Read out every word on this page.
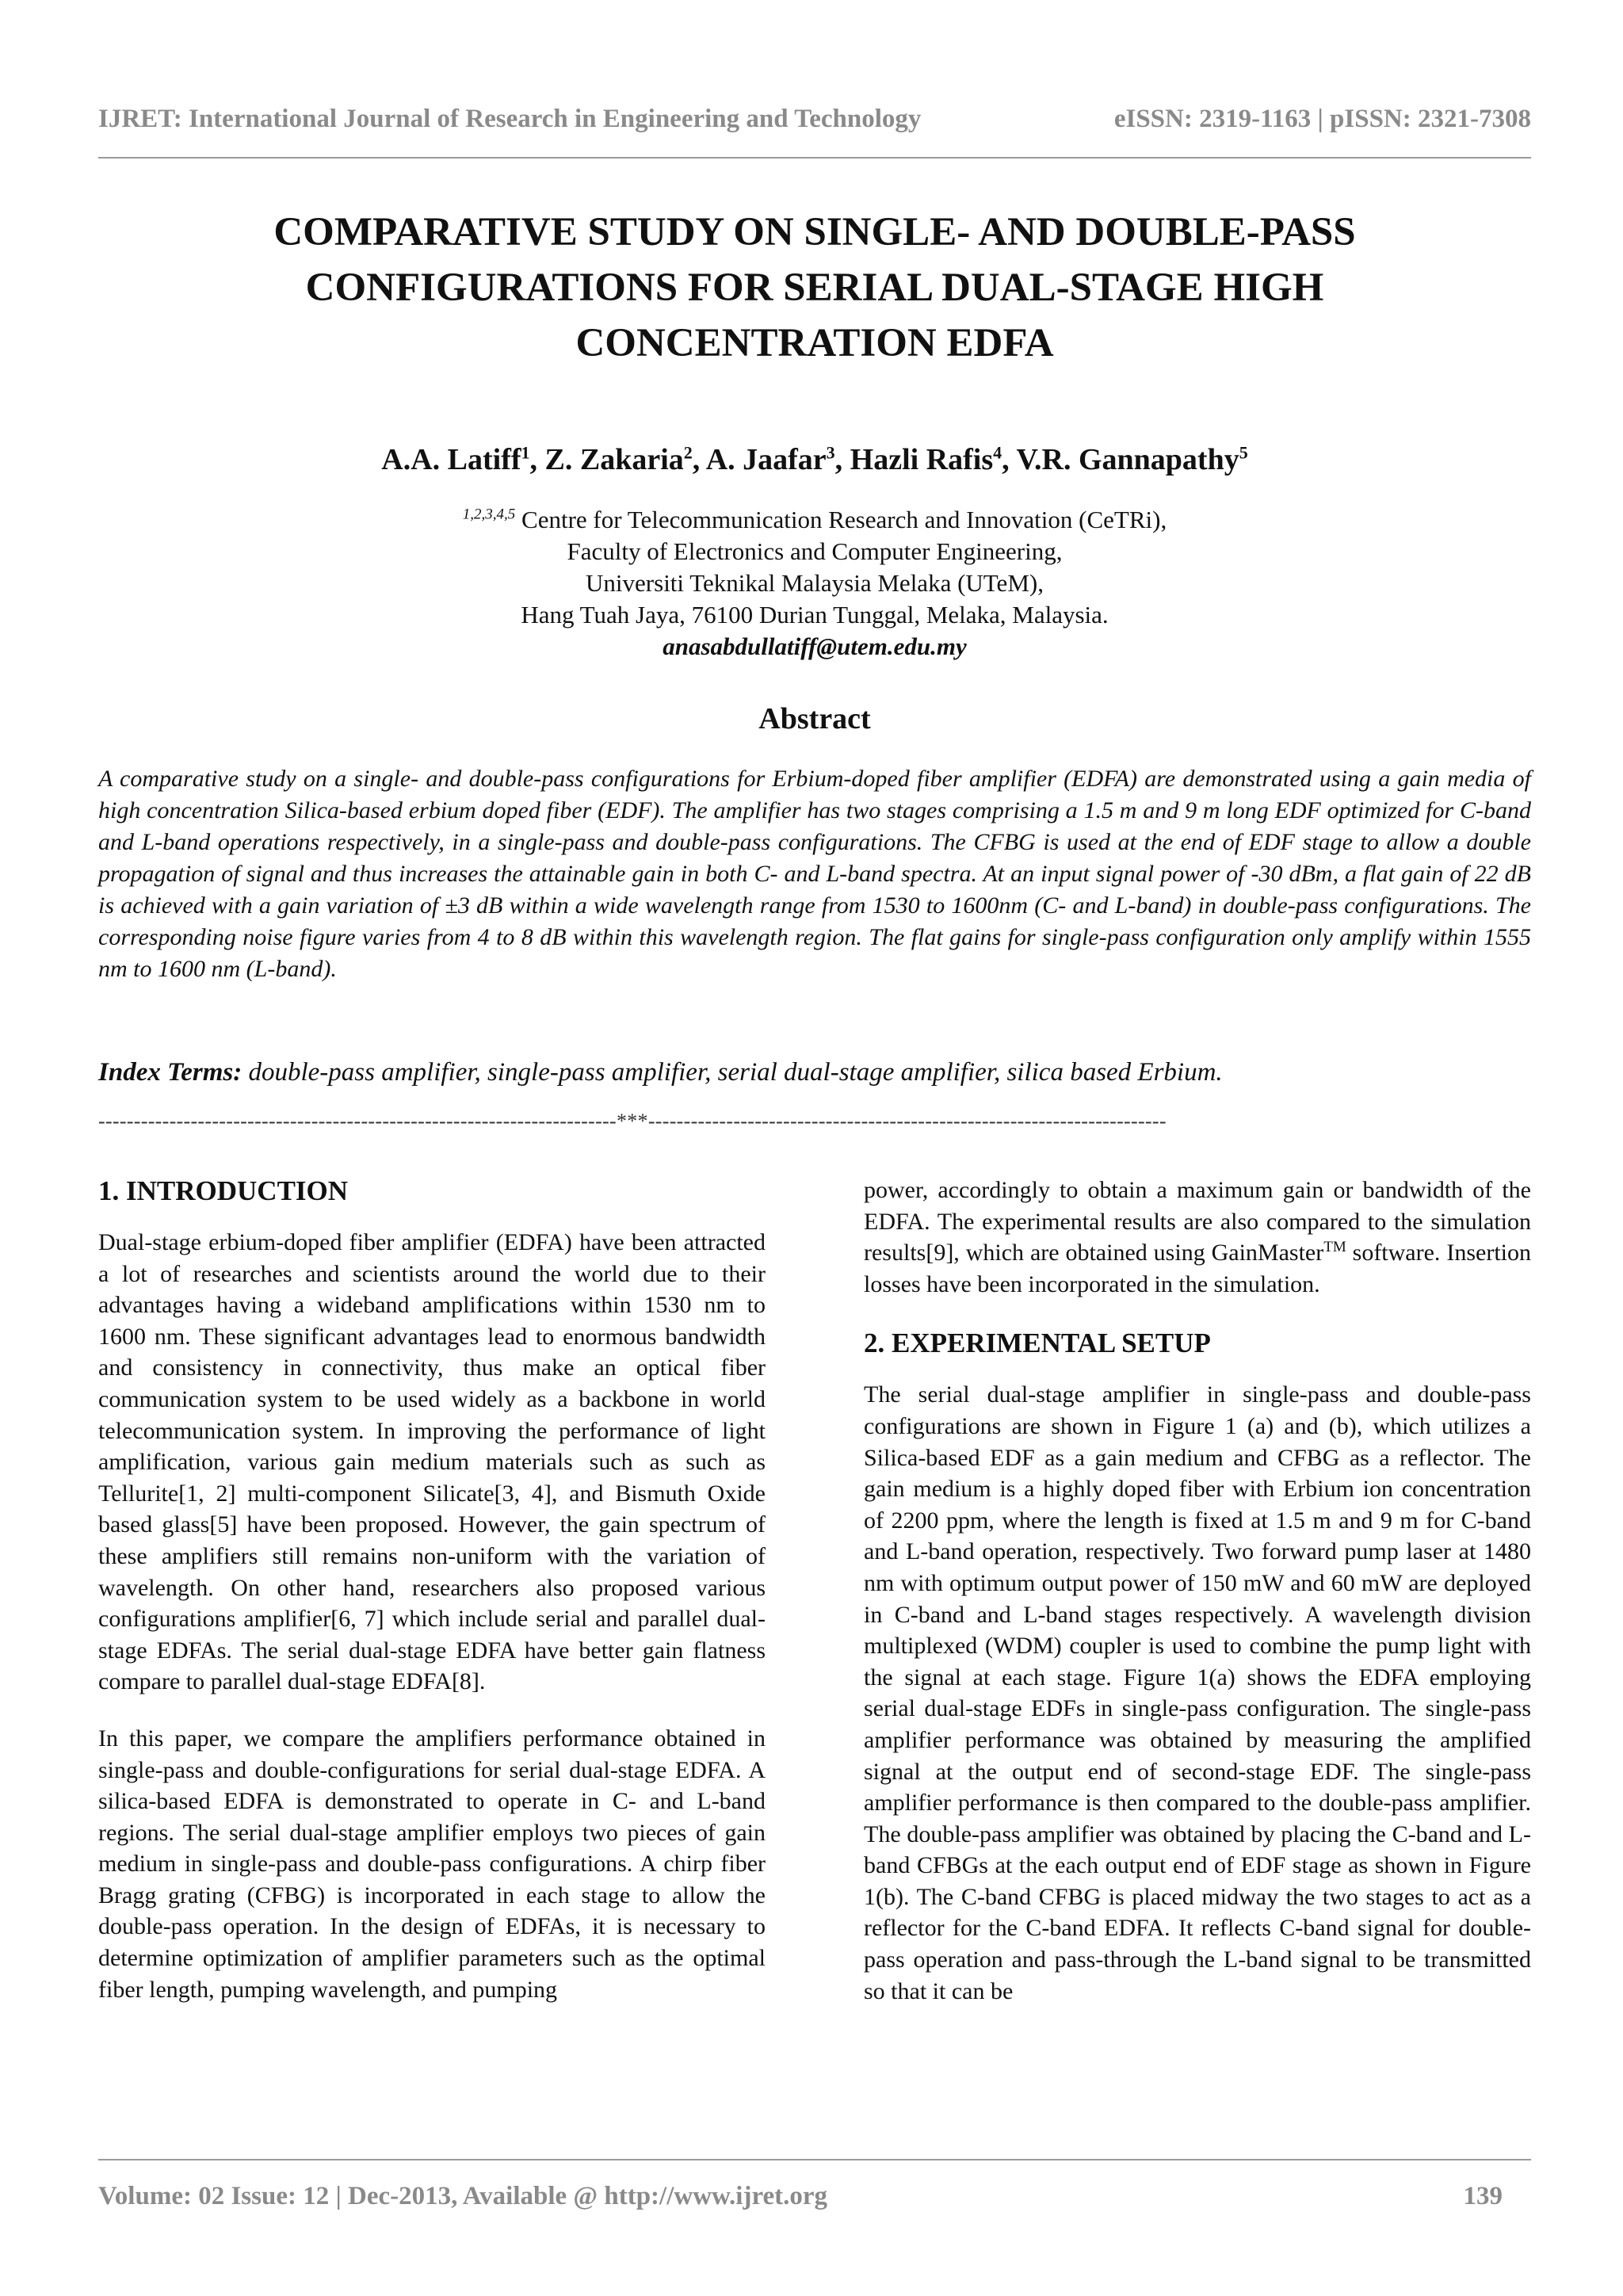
IJRET: International Journal of Research in Engineering and Technology	eISSN: 2319-1163 | pISSN: 2321-7308
COMPARATIVE STUDY ON SINGLE- AND DOUBLE-PASS
CONFIGURATIONS FOR SERIAL DUAL-STAGE HIGH
CONCENTRATION EDFA
A.A. Latiff$^1$, Z. Zakaria$^2$, A. Jaafar$^3$, Hazli Rafis$^4$, V.R. Gannapathy$^5$
$^{1,2,3,4,5}$ Centre for Telecommunication Research and Innovation (CeTRi),
Faculty of Electronics and Computer Engineering,
Universiti Teknikal Malaysia Melaka (UTeM),
Hang Tuah Jaya, 76100 Durian Tunggal, Melaka, Malaysia.
anasabdullatiff@utem.edu.my
Abstract
A comparative study on a single- and double-pass configurations for Erbium-doped fiber amplifier (EDFA) are demonstrated using a gain media of high concentration Silica-based erbium doped fiber (EDF). The amplifier has two stages comprising a 1.5 m and 9 m long EDF optimized for C-band and L-band operations respectively, in a single-pass and double-pass configurations. The CFBG is used at the end of EDF stage to allow a double propagation of signal and thus increases the attainable gain in both C- and L-band spectra. At an input signal power of -30 dBm, a flat gain of 22 dB is achieved with a gain variation of ±3 dB within a wide wavelength range from 1530 to 1600nm (C- and L-band) in double-pass configurations. The corresponding noise figure varies from 4 to 8 dB within this wavelength region. The flat gains for single-pass configuration only amplify within 1555 nm to 1600 nm (L-band).
Index Terms: double-pass amplifier, single-pass amplifier, serial dual-stage amplifier, silica based Erbium.
-------------------------------------------------------------------------***-------------------------------------------------------------------------
1. INTRODUCTION

Dual-stage erbium-doped fiber amplifier (EDFA) have been attracted a lot of researches and scientists around the world due to their advantages having a wideband amplifications within 1530 nm to 1600 nm. These significant advantages lead to enormous bandwidth and consistency in connectivity, thus make an optical fiber communication system to be used widely as a backbone in world telecommunication system. In improving the performance of light amplification, various gain medium materials such as such as Tellurite[1, 2] multi-component Silicate[3, 4], and Bismuth Oxide based glass[5] have been proposed. However, the gain spectrum of these amplifiers still remains non-uniform with the variation of wavelength. On other hand, researchers also proposed various configurations amplifier[6, 7] which include serial and parallel dual-stage EDFAs. The serial dual-stage EDFA have better gain flatness compare to parallel dual-stage EDFA[8].

In this paper, we compare the amplifiers performance obtained in single-pass and double-configurations for serial dual-stage EDFA. A silica-based EDFA is demonstrated to operate in C- and L-band regions. The serial dual-stage amplifier employs two pieces of gain medium in single-pass and double-pass configurations. A chirp fiber Bragg grating (CFBG) is incorporated in each stage to allow the double-pass operation. In the design of EDFAs, it is necessary to determine optimization of amplifier parameters such as the optimal fiber length, pumping wavelength, and pumping

power, accordingly to obtain a maximum gain or bandwidth of the EDFA. The experimental results are also compared to the simulation results[9], which are obtained using GainMaster™ software. Insertion losses have been incorporated in the simulation.

2. EXPERIMENTAL SETUP

The serial dual-stage amplifier in single-pass and double-pass configurations are shown in Figure 1 (a) and (b), which utilizes a Silica-based EDF as a gain medium and CFBG as a reflector. The gain medium is a highly doped fiber with Erbium ion concentration of 2200 ppm, where the length is fixed at 1.5 m and 9 m for C-band and L-band operation, respectively. Two forward pump laser at 1480 nm with optimum output power of 150 mW and 60 mW are deployed in C-band and L-band stages respectively. A wavelength division multiplexed (WDM) coupler is used to combine the pump light with the signal at each stage. Figure 1(a) shows the EDFA employing serial dual-stage EDFs in single-pass configuration. The single-pass amplifier performance was obtained by measuring the amplified signal at the output end of second-stage EDF. The single-pass amplifier performance is then compared to the double-pass amplifier. The double-pass amplifier was obtained by placing the C-band and L-band CFBGs at the each output end of EDF stage as shown in Figure 1(b). The C-band CFBG is placed midway the two stages to act as a reflector for the C-band EDFA. It reflects C-band signal for double-pass operation and pass-through the L-band signal to be transmitted so that it can be

Volume: 02 Issue: 12 | Dec-2013, Available @ http://www.ijret.org	139
